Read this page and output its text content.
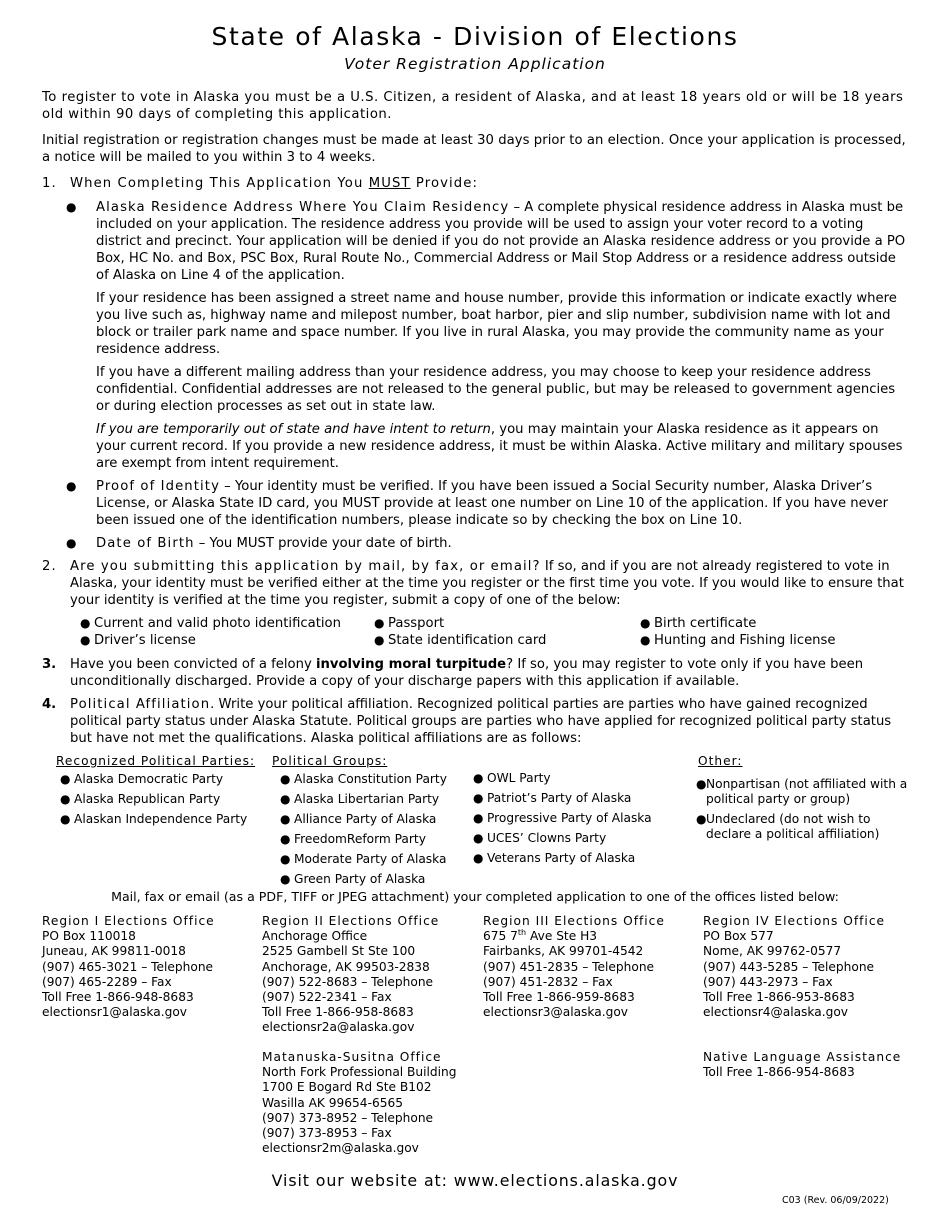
State of Alaska - Division of Elections
Voter Registration Application
To register to vote in Alaska you must be a U.S. Citizen, a resident of Alaska, and at least 18 years old or will be 18 years old within 90 days of completing this application.
Initial registration or registration changes must be made at least 30 days prior to an election. Once your application is processed, a notice will be mailed to you within 3 to 4 weeks.
1. When Completing This Application You MUST Provide:
● Alaska Residence Address Where You Claim Residency – A complete physical residence address in Alaska must be included on your application. The residence address you provide will be used to assign your voter record to a voting district and precinct. Your application will be denied if you do not provide an Alaska residence address or you provide a PO Box, HC No. and Box, PSC Box, Rural Route No., Commercial Address or Mail Stop Address or a residence address outside of Alaska on Line 4 of the application.
If your residence has been assigned a street name and house number, provide this information or indicate exactly where you live such as, highway name and milepost number, boat harbor, pier and slip number, subdivision name with lot and block or trailer park name and space number. If you live in rural Alaska, you may provide the community name as your residence address.
If you have a different mailing address than your residence address, you may choose to keep your residence address confidential. Confidential addresses are not released to the general public, but may be released to government agencies or during election processes as set out in state law.
If you are temporarily out of state and have intent to return, you may maintain your Alaska residence as it appears on your current record. If you provide a new residence address, it must be within Alaska. Active military and military spouses are exempt from intent requirement.
● Proof of Identity – Your identity must be verified. If you have been issued a Social Security number, Alaska Driver’s License, or Alaska State ID card, you MUST provide at least one number on Line 10 of the application. If you have never been issued one of the identification numbers, please indicate so by checking the box on Line 10.
● Date of Birth – You MUST provide your date of birth.
2. Are you submitting this application by mail, by fax, or email? If so, and if you are not already registered to vote in Alaska, your identity must be verified either at the time you register or the first time you vote. If you would like to ensure that your identity is verified at the time you register, submit a copy of one of the below:
● Current and valid photo identification
● Driver’s license
● Passport
● State identification card
● Birth certificate
● Hunting and Fishing license
3. Have you been convicted of a felony involving moral turpitude? If so, you may register to vote only if you have been unconditionally discharged. Provide a copy of your discharge papers with this application if available.
4. Political Affiliation. Write your political affiliation. Recognized political parties are parties who have gained recognized political party status under Alaska Statute. Political groups are parties who have applied for recognized political party status but have not met the qualifications. Alaska political affiliations are as follows:
Recognized Political Parties:
● Alaska Democratic Party
● Alaska Republican Party
● Alaskan Independence Party
Political Groups:
● Alaska Constitution Party
● Alaska Libertarian Party
● Alliance Party of Alaska
● FreedomReform Party
● Moderate Party of Alaska
● Green Party of Alaska
● OWL Party
● Patriot’s Party of Alaska
● Progressive Party of Alaska
● UCES’ Clowns Party
● Veterans Party of Alaska
Other:
● Nonpartisan (not affiliated with a political party or group)
● Undeclared (do not wish to declare a political affiliation)
Mail, fax or email (as a PDF, TIFF or JPEG attachment) your completed application to one of the offices listed below:
Region I Elections Office
PO Box 110018
Juneau, AK 99811-0018
(907) 465-3021 – Telephone
(907) 465-2289 – Fax
Toll Free 1-866-948-8683
electionsr1@alaska.gov
Region II Elections Office
Anchorage Office
2525 Gambell St Ste 100
Anchorage, AK 99503-2838
(907) 522-8683 – Telephone
(907) 522-2341 – Fax
Toll Free 1-866-958-8683
electionsr2a@alaska.gov
Region III Elections Office
675 7th Ave Ste H3
Fairbanks, AK 99701-4542
(907) 451-2835 – Telephone
(907) 451-2832 – Fax
Toll Free 1-866-959-8683
electionsr3@alaska.gov
Region IV Elections Office
PO Box 577
Nome, AK 99762-0577
(907) 443-5285 – Telephone
(907) 443-2973 – Fax
Toll Free 1-866-953-8683
electionsr4@alaska.gov
Matanuska-Susitna Office
North Fork Professional Building
1700 E Bogard Rd Ste B102
Wasilla AK 99654-6565
(907) 373-8952 – Telephone
(907) 373-8953 – Fax
electionsr2m@alaska.gov
Native Language Assistance
Toll Free 1-866-954-8683
Visit our website at: www.elections.alaska.gov
C03 (Rev. 06/09/2022)
